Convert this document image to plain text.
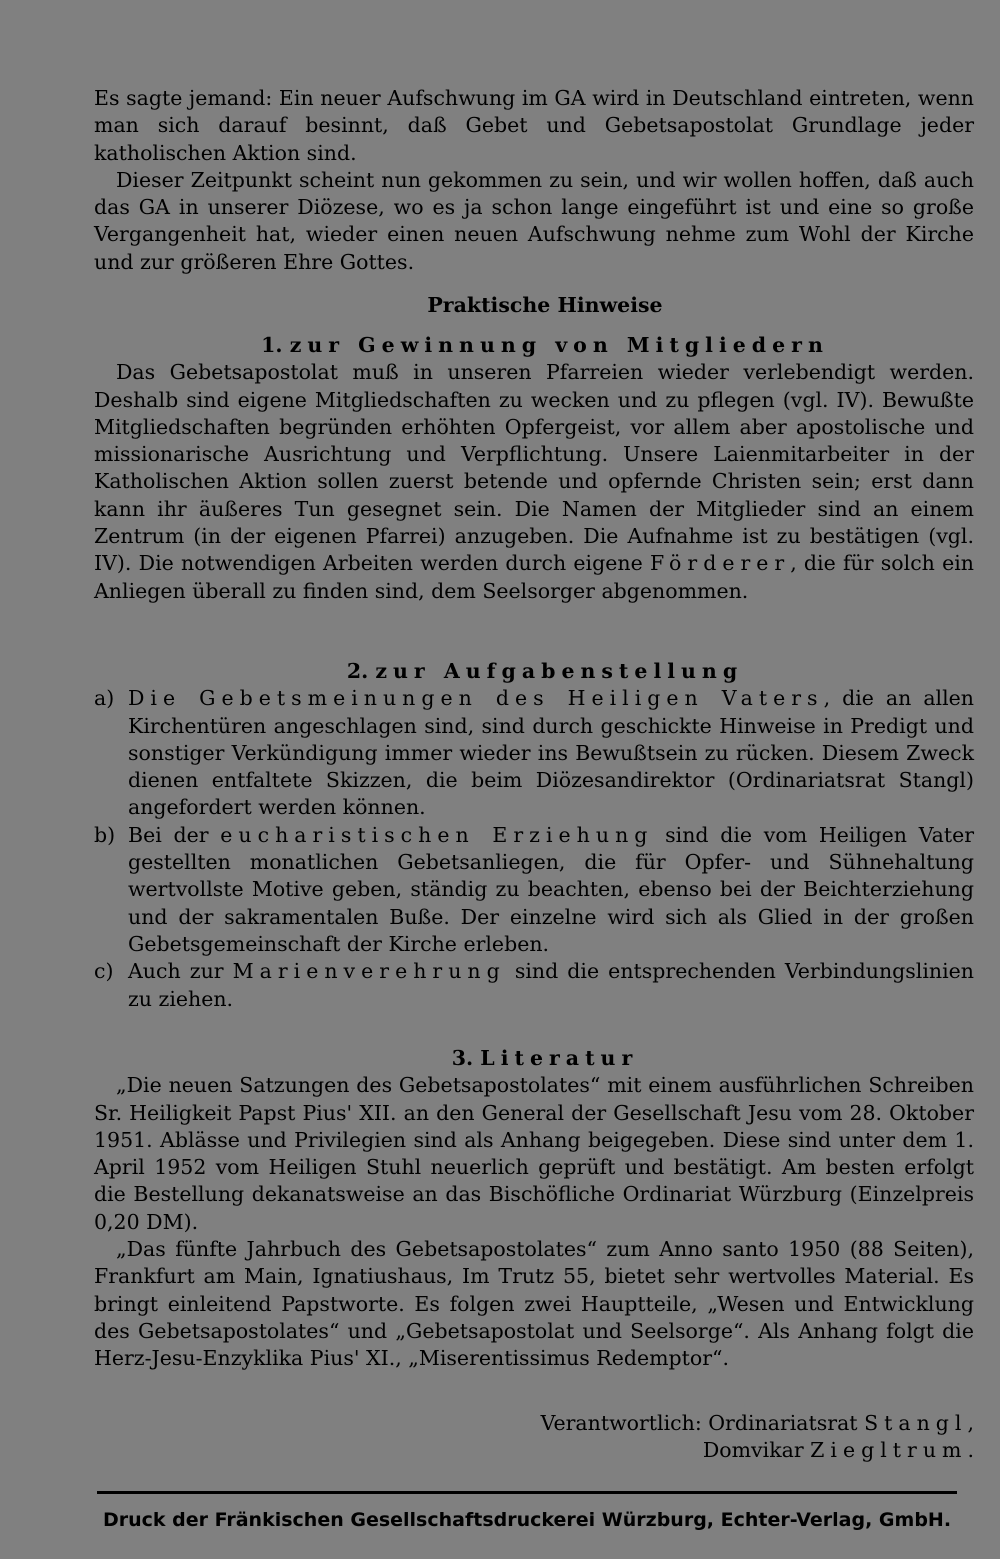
Es sagte jemand: Ein neuer Aufschwung im GA wird in Deutschland eintreten, wenn man sich darauf besinnt, daß Gebet und Gebetsapostolat Grundlage jeder katholischen Aktion sind.

Dieser Zeitpunkt scheint nun gekommen zu sein, und wir wollen hoffen, daß auch das GA in unserer Diözese, wo es ja schon lange eingeführt ist und eine so große Vergangenheit hat, wieder einen neuen Aufschwung nehme zum Wohl der Kirche und zur größeren Ehre Gottes.

Praktische Hinweise

1. zur Gewinnung von Mitgliedern

Das Gebetsapostolat muß in unseren Pfarreien wieder verlebendigt werden. Deshalb sind eigene Mitgliedschaften zu wecken und zu pflegen (vgl. IV). Bewußte Mitgliedschaften begründen erhöhten Opfergeist, vor allem aber apostolische und missionarische Ausrichtung und Verpflichtung. Unsere Laienmitarbeiter in der Katholischen Aktion sollen zuerst betende und opfernde Christen sein; erst dann kann ihr äußeres Tun gesegnet sein. Die Namen der Mitglieder sind an einem Zentrum (in der eigenen Pfarrei) anzugeben. Die Aufnahme ist zu bestätigen (vgl. IV). Die notwendigen Arbeiten werden durch eigene Förderer, die für solch ein Anliegen überall zu finden sind, dem Seelsorger abgenommen.

2. zur Aufgabenstellung

a) Die Gebetsmeinungen des Heiligen Vaters, die an allen Kirchentüren angeschlagen sind, sind durch geschickte Hinweise in Predigt und sonstiger Verkündigung immer wieder ins Bewußtsein zu rücken. Diesem Zweck dienen entfaltete Skizzen, die beim Diözesandirektor (Ordinariatsrat Stangl) angefordert werden können.
b) Bei der eucharistischen Erziehung sind die vom Heiligen Vater gestellten monatlichen Gebetsanliegen, die für Opfer- und Sühnehaltung wertvollste Motive geben, ständig zu beachten, ebenso bei der Beichterziehung und der sakramentalen Buße. Der einzelne wird sich als Glied in der großen Gebetsgemeinschaft der Kirche erleben.
c) Auch zur Marienverehrung sind die entsprechenden Verbindungslinien zu ziehen.

3. Literatur

„Die neuen Satzungen des Gebetsapostolates“ mit einem ausführlichen Schreiben Sr. Heiligkeit Papst Pius' XII. an den General der Gesellschaft Jesu vom 28. Oktober 1951. Ablässe und Privilegien sind als Anhang beigegeben. Diese sind unter dem 1. April 1952 vom Heiligen Stuhl neuerlich geprüft und bestätigt. Am besten erfolgt die Bestellung dekanatsweise an das Bischöfliche Ordinariat Würzburg (Einzelpreis 0,20 DM).

„Das fünfte Jahrbuch des Gebetsapostolates“ zum Anno santo 1950 (88 Seiten), Frankfurt am Main, Ignatiushaus, Im Trutz 55, bietet sehr wertvolles Material. Es bringt einleitend Papstworte. Es folgen zwei Hauptteile, „Wesen und Entwicklung des Gebetsapostolates“ und „Gebetsapostolat und Seelsorge“. Als Anhang folgt die Herz-Jesu-Enzyklika Pius' XI., „Miserentissimus Redemptor“.

Verantwortlich: Ordinariatsrat Stangl,

Domvikar Ziegltrum.

Druck der Fränkischen Gesellschaftsdruckerei Würzburg, Echter-Verlag, GmbH.
